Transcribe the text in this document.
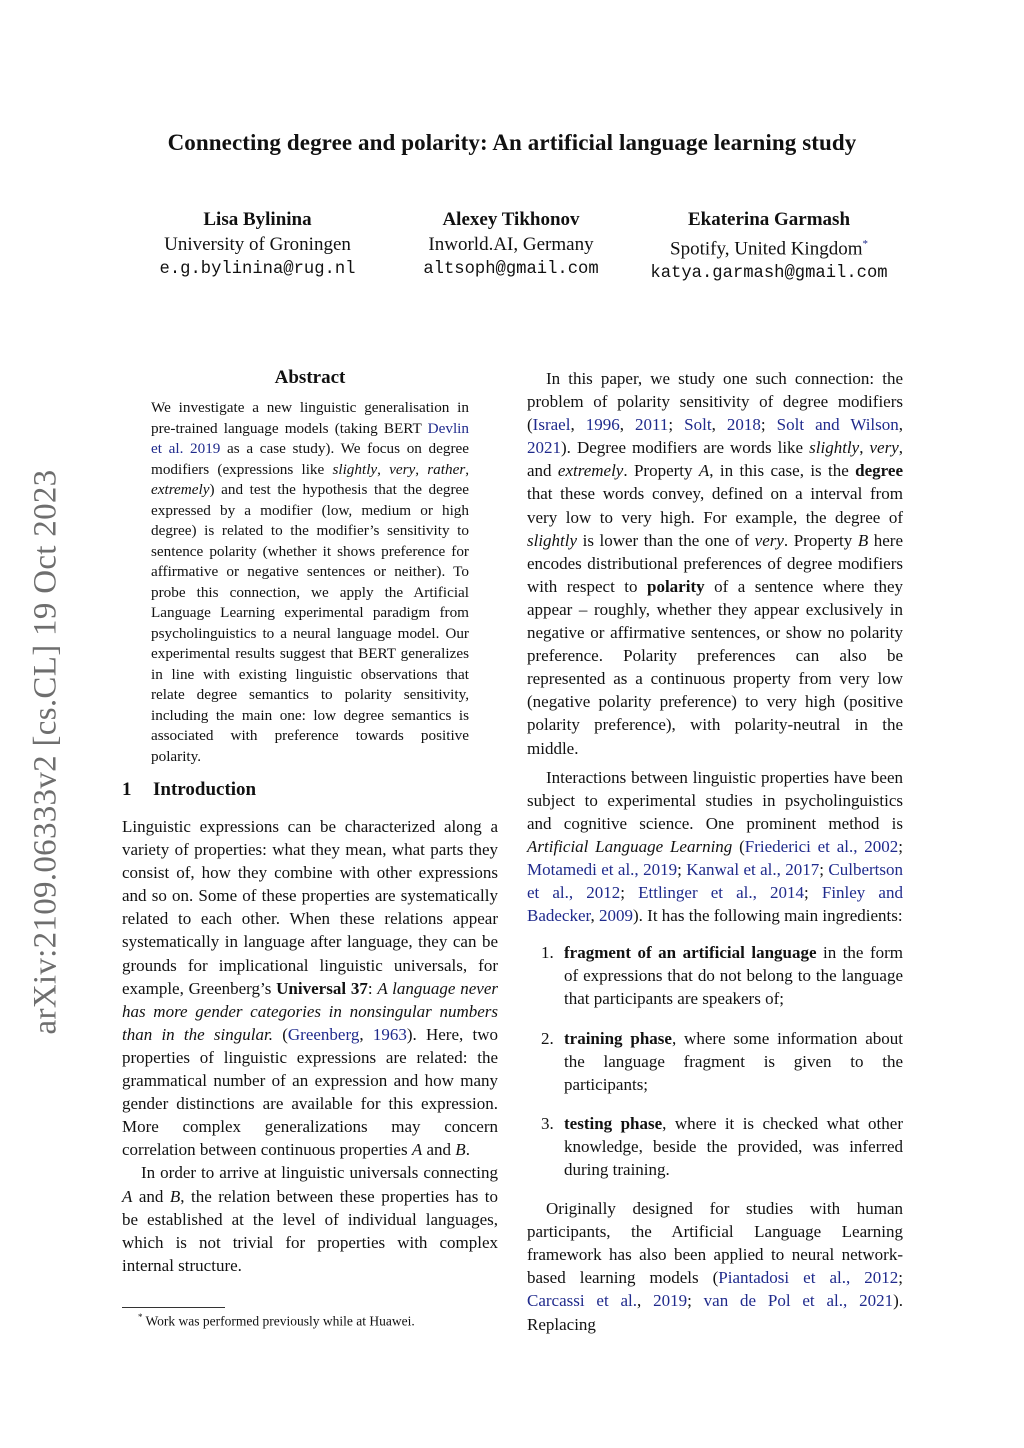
Connecting degree and polarity: An artificial language learning study
Lisa Bylinina
University of Groningen
e.g.bylinina@rug.nl
Alexey Tikhonov
Inworld.AI, Germany
altsoph@gmail.com
Ekaterina Garmash
Spotify, United Kingdom*
katya.garmash@gmail.com
arXiv:2109.06333v2 [cs.CL] 19 Oct 2023
Abstract

We investigate a new linguistic generalisation in pre-trained language models (taking BERT Devlin et al. 2019 as a case study). We focus on degree modifiers (expressions like slightly, very, rather, extremely) and test the hypothesis that the degree expressed by a modifier (low, medium or high degree) is related to the modifier’s sensitivity to sentence polarity (whether it shows preference for affirmative or negative sentences or neither). To probe this connection, we apply the Artificial Language Learning experimental paradigm from psycholinguistics to a neural language model. Our experimental results suggest that BERT generalizes in line with existing linguistic observations that relate degree semantics to polarity sensitivity, including the main one: low degree semantics is associated with preference towards positive polarity.

1 Introduction

Linguistic expressions can be characterized along a variety of properties: what they mean, what parts they consist of, how they combine with other expressions and so on. Some of these properties are systematically related to each other. When these relations appear systematically in language after language, they can be grounds for implicational linguistic universals, for example, Greenberg’s Universal 37: A language never has more gender categories in nonsingular numbers than in the singular. (Greenberg, 1963). Here, two properties of linguistic expressions are related: the grammatical number of an expression and how many gender distinctions are available for this expression. More complex generalizations may concern correlation between continuous properties A and B.

In order to arrive at linguistic universals connecting A and B, the relation between these properties has to be established at the level of individual languages, which is not trivial for properties with complex internal structure.

* Work was performed previously while at Huawei.

In this paper, we study one such connection: the problem of polarity sensitivity of degree modifiers (Israel, 1996, 2011; Solt, 2018; Solt and Wilson, 2021). Degree modifiers are words like slightly, very, and extremely. Property A, in this case, is the degree that these words convey, defined on a interval from very low to very high. For example, the degree of slightly is lower than the one of very. Property B here encodes distributional preferences of degree modifiers with respect to polarity of a sentence where they appear – roughly, whether they appear exclusively in negative or affirmative sentences, or show no polarity preference. Polarity preferences can also be represented as a continuous property from very low (negative polarity preference) to very high (positive polarity preference), with polarity-neutral in the middle.

Interactions between linguistic properties have been subject to experimental studies in psycholinguistics and cognitive science. One prominent method is Artificial Language Learning (Friederici et al., 2002; Motamedi et al., 2019; Kanwal et al., 2017; Culbertson et al., 2012; Ettlinger et al., 2014; Finley and Badecker, 2009). It has the following main ingredients:

1. fragment of an artificial language in the form of expressions that do not belong to the language that participants are speakers of;
2. training phase, where some information about the language fragment is given to the participants;
3. testing phase, where it is checked what other knowledge, beside the provided, was inferred during training.

Originally designed for studies with human participants, the Artificial Language Learning framework has also been applied to neural network-based learning models (Piantadosi et al., 2012; Carcassi et al., 2019; van de Pol et al., 2021). Replacing
